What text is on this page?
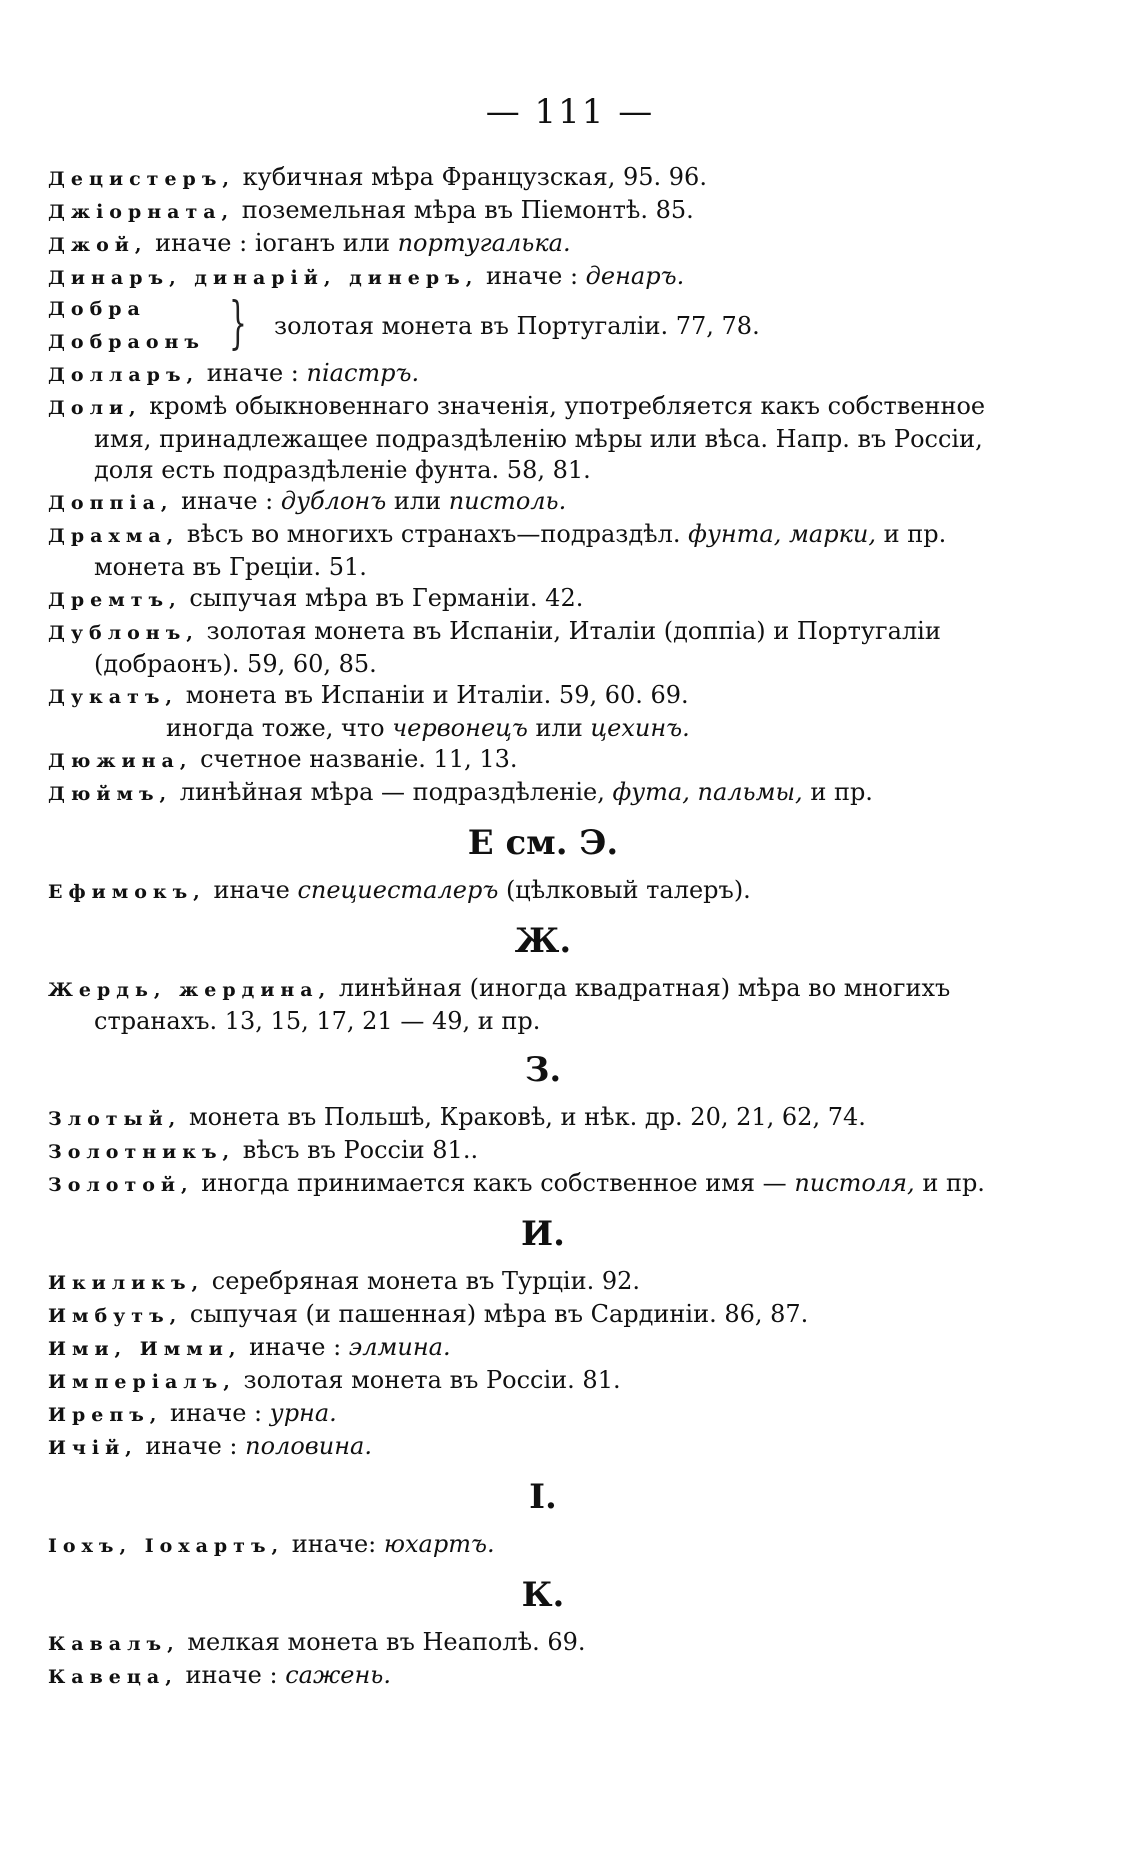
— 111 —

Децистеръ, кубичная мѣра Французская, 95. 96.

Джіорната, поземельная мѣра въ Піемонтѣ. 85.

Джой, иначе : іоганъ или португалька.

Динаръ, динарій, динеръ, иначе : денаръ.

Добра
Добраонъ } золотая монета въ Португаліи. 77, 78.

Долларъ, иначе : піастръ.

Доли, кромѣ обыкновеннаго значенія, употребляется какъ собственное имя, принадлежащее подраздѣленію мѣры или вѣса. Напр. въ Россіи, доля есть подраздѣленіе фунта. 58, 81.

Доппіа, иначе : дублонъ или пистоль.

Драхма, вѣсъ во многихъ странахъ—подраздѣл. фунта, марки, и пр. монета въ Греціи. 51.

Дремтъ, сыпучая мѣра въ Германіи. 42.

Дублонъ, золотая монета въ Испаніи, Италіи (доппіа) и Португаліи (добраонъ). 59, 60, 85.

Дукатъ, монета въ Испаніи и Италіи. 59, 60. 69.

иногда тоже, что червонецъ или цехинъ.

Дюжина, счетное названіе. 11, 13.

Дюймъ, линѣйная мѣра — подраздѣленіе, фута, пальмы, и пр.

Е см. Э.

Ефимокъ, иначе специесталеръ (цѣлковый талеръ).

Ж.

Жердь, жердина, линѣйная (иногда квадратная) мѣра во многихъ странахъ. 13, 15, 17, 21 — 49, и пр.

З.

Злотый, монета въ Польшѣ, Краковѣ, и нѣк. др. 20, 21, 62, 74.

Золотникъ, вѣсъ въ Россіи 81..

Золотой, иногда принимается какъ собственное имя — пистоля, и пр.

И.

Икиликъ, серебряная монета въ Турціи. 92.

Имбутъ, сыпучая (и пашенная) мѣра въ Сардиніи. 86, 87.

Ими, Имми, иначе : элмина.

Имперіалъ, золотая монета въ Россіи. 81.

Ирепъ, иначе : урна.

Ичій, иначе : половина.

I.

Іохъ, Іохартъ, иначе: юхартъ.

К.

Кавалъ, мелкая монета въ Неаполѣ. 69.

Кавеца, иначе : сажень.
